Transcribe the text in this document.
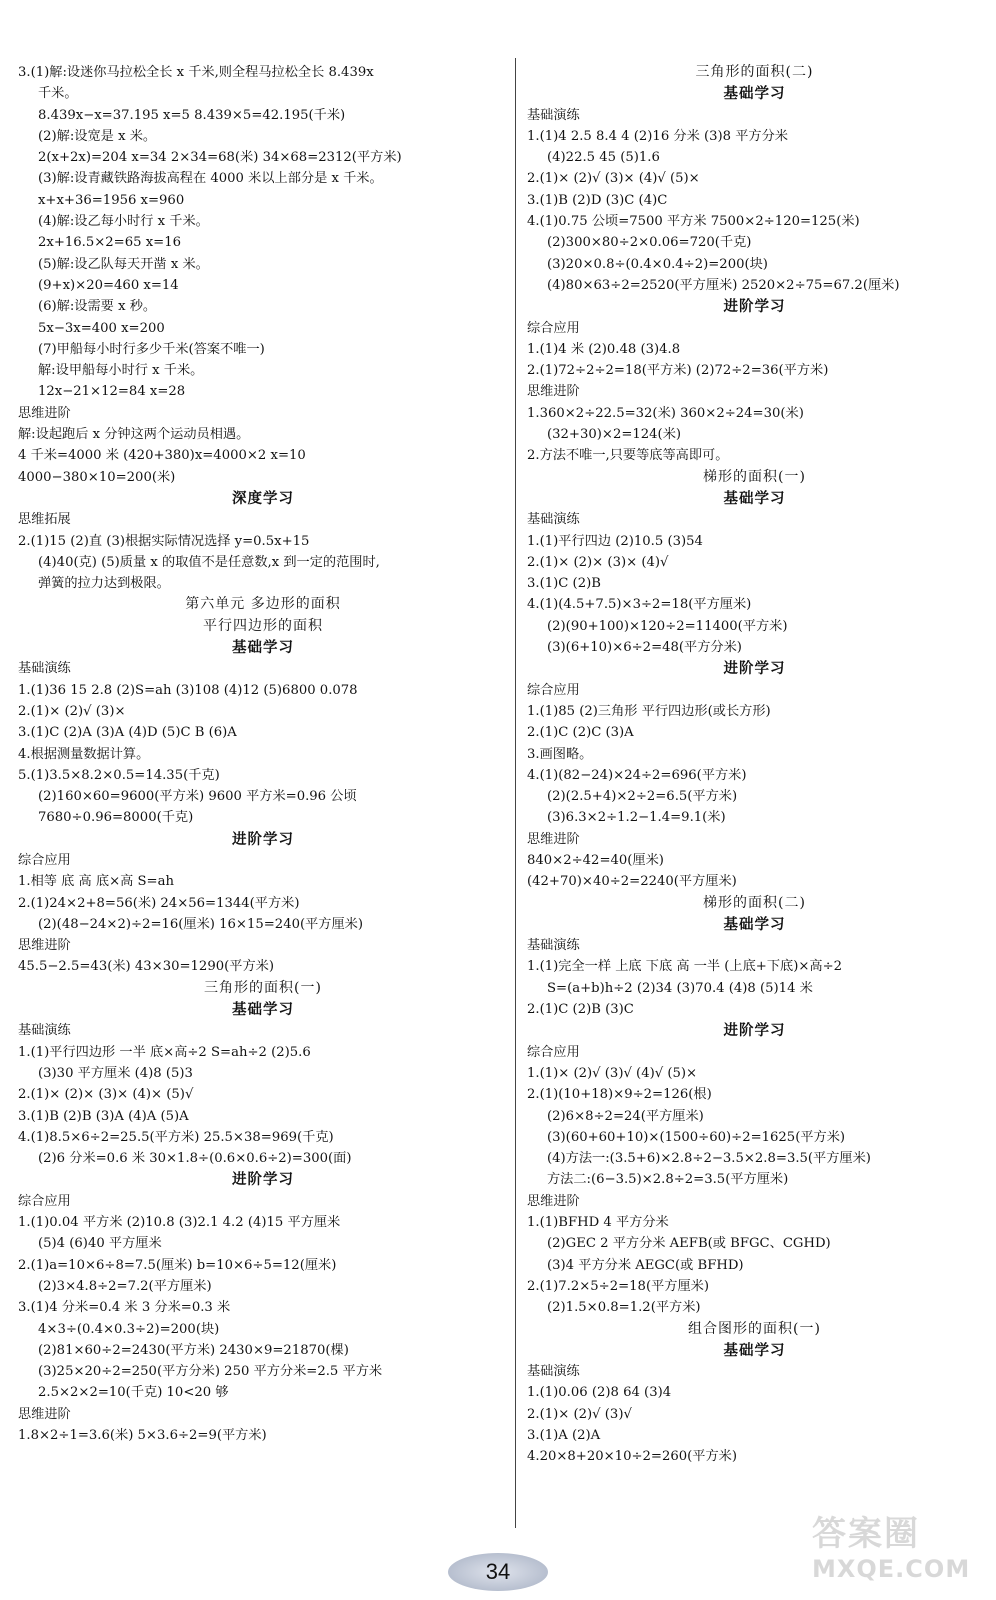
3.(1)解:设迷你马拉松全长 x 千米,则全程马拉松全长 8.439x
千米。
8.439x−x=37.195 x=5 8.439×5=42.195(千米)
(2)解:设宽是 x 米。
2(x+2x)=204 x=34 2×34=68(米) 34×68=2312(平方米)
(3)解:设青藏铁路海拔高程在 4000 米以上部分是 x 千米。
x+x+36=1956 x=960
(4)解:设乙每小时行 x 千米。
2x+16.5×2=65 x=16
(5)解:设乙队每天开凿 x 米。
(9+x)×20=460 x=14
(6)解:设需要 x 秒。
5x−3x=400 x=200
(7)甲船每小时行多少千米(答案不唯一)
解:设甲船每小时行 x 千米。
12x−21×12=84 x=28
思维进阶
解:设起跑后 x 分钟这两个运动员相遇。
4 千米=4000 米 (420+380)x=4000×2 x=10
4000−380×10=200(米)
深度学习
思维拓展
2.(1)15 (2)直 (3)根据实际情况选择 y=0.5x+15
(4)40(克) (5)质量 x 的取值不是任意数,x 到一定的范围时,
弹簧的拉力达到极限。
第六单元 多边形的面积
平行四边形的面积
基础学习
基础演练
1.(1)36 15 2.8 (2)S=ah (3)108 (4)12 (5)6800 0.078
2.(1)× (2)√ (3)×
3.(1)C (2)A (3)A (4)D (5)C B (6)A
4.根据测量数据计算。
5.(1)3.5×8.2×0.5=14.35(千克)
(2)160×60=9600(平方米) 9600 平方米=0.96 公顷
7680÷0.96=8000(千克)
进阶学习
综合应用
1.相等 底 高 底×高 S=ah
2.(1)24×2+8=56(米) 24×56=1344(平方米)
(2)(48−24×2)÷2=16(厘米) 16×15=240(平方厘米)
思维进阶
45.5−2.5=43(米) 43×30=1290(平方米)
三角形的面积(一)
基础学习
基础演练
1.(1)平行四边形 一半 底×高÷2 S=ah÷2 (2)5.6
(3)30 平方厘米 (4)8 (5)3
2.(1)× (2)× (3)× (4)× (5)√
3.(1)B (2)B (3)A (4)A (5)A
4.(1)8.5×6÷2=25.5(平方米) 25.5×38=969(千克)
(2)6 分米=0.6 米 30×1.8÷(0.6×0.6÷2)=300(面)
进阶学习
综合应用
1.(1)0.04 平方米 (2)10.8 (3)2.1 4.2 (4)15 平方厘米
(5)4 (6)40 平方厘米
2.(1)a=10×6÷8=7.5(厘米) b=10×6÷5=12(厘米)
(2)3×4.8÷2=7.2(平方厘米)
3.(1)4 分米=0.4 米 3 分米=0.3 米
4×3÷(0.4×0.3÷2)=200(块)
(2)81×60÷2=2430(平方米) 2430×9=21870(棵)
(3)25×20÷2=250(平方分米) 250 平方分米=2.5 平方米
2.5×2×2=10(千克) 10<20 够
思维进阶
1.8×2÷1=3.6(米) 5×3.6÷2=9(平方米)
三角形的面积(二)
基础学习
基础演练
1.(1)4 2.5 8.4 4 (2)16 分米 (3)8 平方分米
(4)22.5 45 (5)1.6
2.(1)× (2)√ (3)× (4)√ (5)×
3.(1)B (2)D (3)C (4)C
4.(1)0.75 公顷=7500 平方米 7500×2÷120=125(米)
(2)300×80÷2×0.06=720(千克)
(3)20×0.8÷(0.4×0.4÷2)=200(块)
(4)80×63÷2=2520(平方厘米) 2520×2÷75=67.2(厘米)
进阶学习
综合应用
1.(1)4 米 (2)0.48 (3)4.8
2.(1)72÷2÷2=18(平方米) (2)72÷2=36(平方米)
思维进阶
1.360×2÷22.5=32(米) 360×2÷24=30(米)
(32+30)×2=124(米)
2.方法不唯一,只要等底等高即可。
梯形的面积(一)
基础学习
基础演练
1.(1)平行四边 (2)10.5 (3)54
2.(1)× (2)× (3)× (4)√
3.(1)C (2)B
4.(1)(4.5+7.5)×3÷2=18(平方厘米)
(2)(90+100)×120÷2=11400(平方米)
(3)(6+10)×6÷2=48(平方分米)
进阶学习
综合应用
1.(1)85 (2)三角形 平行四边形(或长方形)
2.(1)C (2)C (3)A
3.画图略。
4.(1)(82−24)×24÷2=696(平方米)
(2)(2.5+4)×2÷2=6.5(平方米)
(3)6.3×2÷1.2−1.4=9.1(米)
思维进阶
840×2÷42=40(厘米)
(42+70)×40÷2=2240(平方厘米)
梯形的面积(二)
基础学习
基础演练
1.(1)完全一样 上底 下底 高 一半 (上底+下底)×高÷2
S=(a+b)h÷2 (2)34 (3)70.4 (4)8 (5)14 米
2.(1)C (2)B (3)C
进阶学习
综合应用
1.(1)× (2)√ (3)√ (4)√ (5)×
2.(1)(10+18)×9÷2=126(根)
(2)6×8÷2=24(平方厘米)
(3)(60+60+10)×(1500÷60)÷2=1625(平方米)
(4)方法一:(3.5+6)×2.8÷2−3.5×2.8=3.5(平方厘米)
方法二:(6−3.5)×2.8÷2=3.5(平方厘米)
思维进阶
1.(1)BFHD 4 平方分米
(2)GEC 2 平方分米 AEFB(或 BFGC、CGHD)
(3)4 平方分米 AEGC(或 BFHD)
2.(1)7.2×5÷2=18(平方厘米)
(2)1.5×0.8=1.2(平方米)
组合图形的面积(一)
基础学习
基础演练
1.(1)0.06 (2)8 64 (3)4
2.(1)× (2)√ (3)√
3.(1)A (2)A
4.20×8+20×10÷2=260(平方米)
34
答案圈
MXQE.COM
